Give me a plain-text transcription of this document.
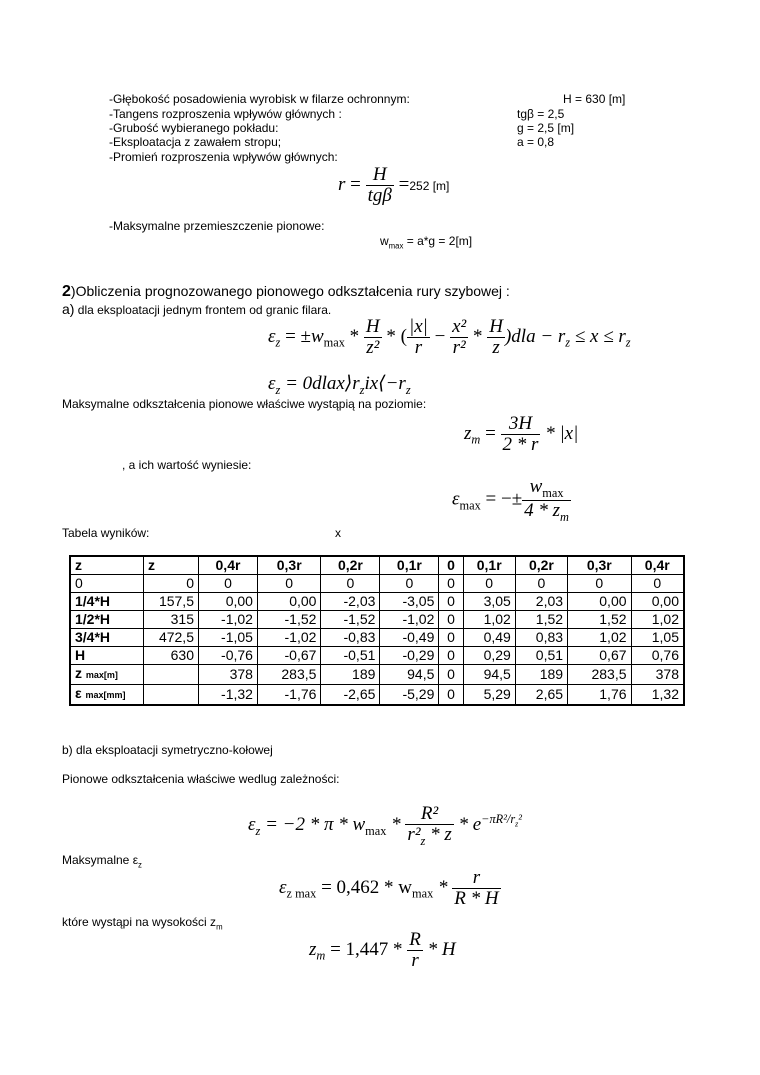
-Głębokość posadowienia wyrobisk w filarze ochronnym:	H = 630 [m]
-Tangens rozproszenia wpływów głównych :	tgβ = 2,5
-Grubość wybieranego pokładu:	g = 2,5 [m]
-Eksploatacja z zawałem stropu;	a = 0,8
-Promień rozproszenia wpływów głównych:
$r = \frac{H}{\text{tgβ}} =252$ [m]
-Maksymalne przemieszczenie pionowe:
$w_{max} = a*g = 2[m]$
2)Obliczenia prognozowanego pionowego odkształcenia rury szybowej :
a) dla eksploatacji jednym frontem od granic filara.
$\varepsilon_z = \pm w_{max} * \frac{H}{\text{z²}}$ * ( $\frac{|x|}{r} - \frac{\text{x²}}{\text{r²}} * \frac{H}{z} )dla - r_z \le x \le r_z$
$\varepsilon_z$ = $0dlax⟩r_zix⟨-r_z$
Maksymalne odkształcenia pionowe właściwe wystąpią na poziomie:
$z_m = \frac{3H}{2 * r} * |x|$
, a ich wartość wyniesie:
$\varepsilon_{max}$ = −± $\frac{w_{max}}{4 * z_m}$
Tabela wyników:	x
z	z	0,4r	0,3r	0,2r	0,1r	0	0,1r	0,2r	0,3r	0,4r
0	0	0	0	0	0	0	0	0	0	0
1/4*H	157,5	0,00	0,00	-2,03	-3,05	0	3,05	2,03	0,00	0,00
1/2*H	315	-1,02	-1,52	-1,52	-1,02	0	1,02	1,52	1,52	1,02
3/4*H	472,5	-1,05	-1,02	-0,83	-0,49	0	0,49	0,83	1,02	1,05
H	630	-0,76	-0,67	-0,51	-0,29	0	0,29	0,51	0,67	0,76
z max[m]		378	283,5	189	94,5	0	94,5	189	283,5	378
ε max[mm]		-1,32	-1,76	-2,65	-5,29	0	5,29	2,65	1,76	1,32
b) dla eksploatacji symetryczno-kołowej
Pionowe odkształcenia właściwe wedlug zależności:
$\varepsilon_z = -2 * \pi * w_{max} * \frac{\text{R²}}{r^2_z * z} * e^{-\pi R^2/r_z^2}$
Maksymalne $\varepsilon_z$
$\varepsilon_{z max} = 0,462 * w_{max} * \frac{r}{R * H}$
które wystąpi na wysokości $z_m$
$z_m = 1,447 * \frac{R}{r} * H$
